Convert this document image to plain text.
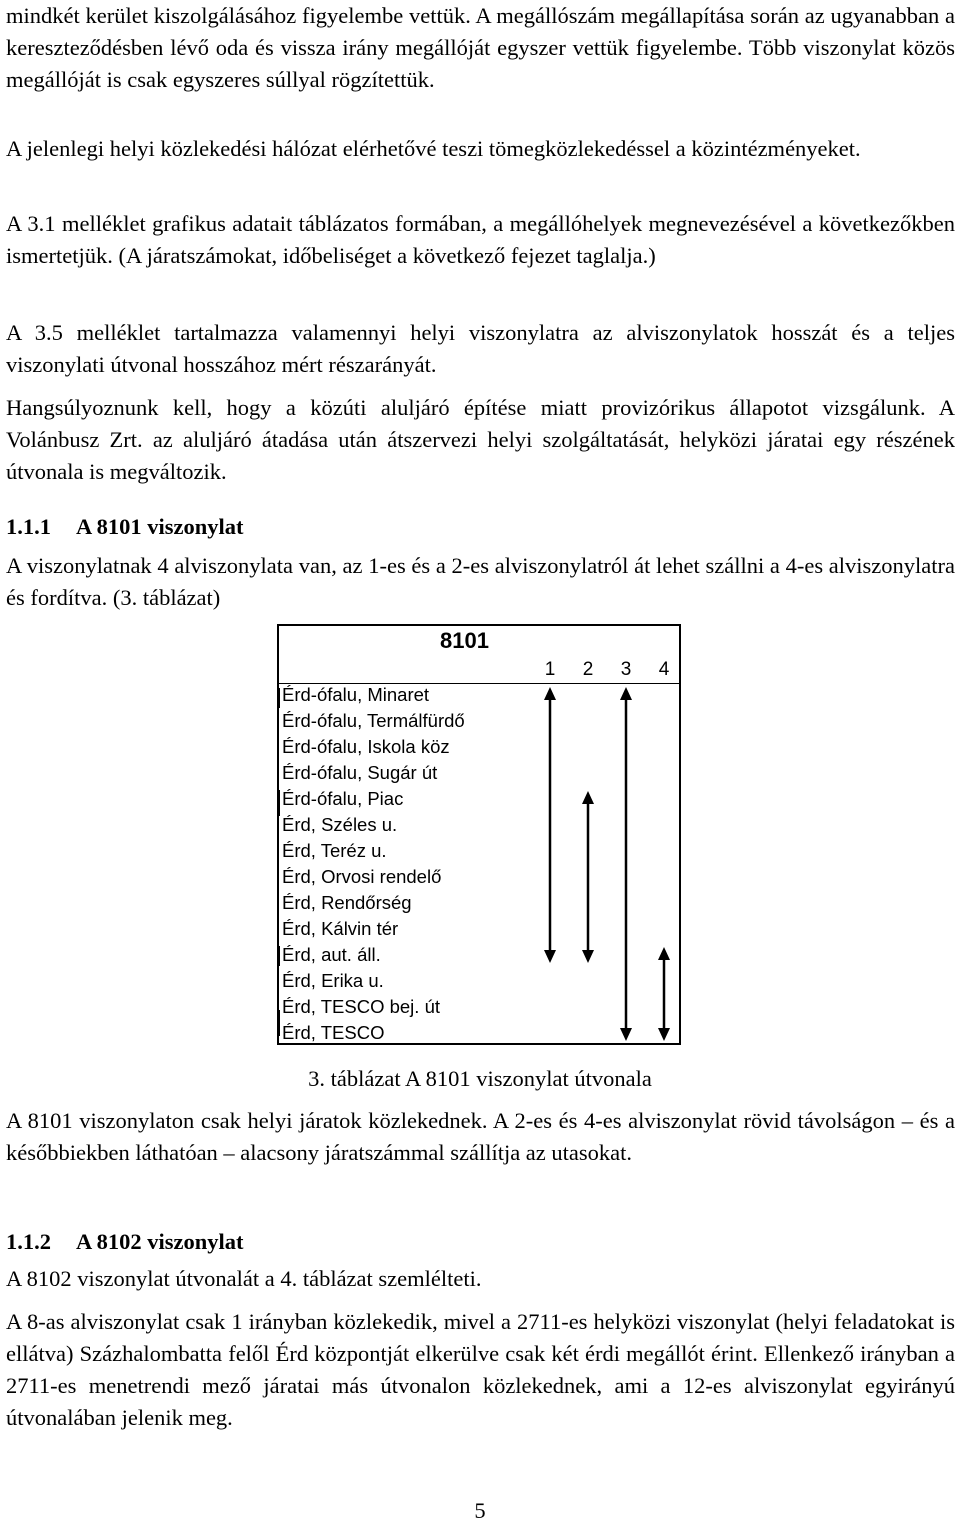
mindkét kerület kiszolgálásához figyelembe vettük. A megállószám megállapítása során az ugyanabban a kereszteződésben lévő oda és vissza irány megállóját egyszer vettük figyelembe. Több viszonylat közös megállóját is csak egyszeres súllyal rögzítettük.

A jelenlegi helyi közlekedési hálózat elérhetővé teszi tömegközlekedéssel a közintézményeket.

A 3.1 melléklet grafikus adatait táblázatos formában, a megállóhelyek megnevezésével a következőkben ismertetjük. (A járatszámokat, időbeliséget a következő fejezet taglalja.)

A 3.5 melléklet tartalmazza valamennyi helyi viszonylatra az alviszonylatok hosszát és a teljes viszonylati útvonal hosszához mért részarányát.

Hangsúlyoznunk kell, hogy a közúti aluljáró építése miatt provizórikus állapotot vizsgálunk. A Volánbusz Zrt. az aluljáró átadása után átszervezi helyi szolgáltatását, helyközi járatai egy részének útvonala is megváltozik.

1.1.1 A 8101 viszonylat

A viszonylatnak 4 alviszonylata van, az 1-es és a 2-es alviszonylatról át lehet szállni a 4-es alviszonylatra és fordítva. (3. táblázat)

8101
1	2	3	4
Érd-ófalu, Minaret
Érd-ófalu, Termálfürdő
Érd-ófalu, Iskola köz
Érd-ófalu, Sugár út
Érd-ófalu, Piac
Érd, Széles u.
Érd, Teréz u.
Érd, Orvosi rendelő
Érd, Rendőrség
Érd, Kálvin tér
Érd, aut. áll.
Érd, Erika u.
Érd, TESCO bej. út
Érd, TESCO
3. táblázat A 8101 viszonylat útvonala

A 8101 viszonylaton csak helyi járatok közlekednek. A 2-es és 4-es alviszonylat rövid távolságon – és a későbbiekben láthatóan – alacsony járatszámmal szállítja az utasokat.

1.1.2 A 8102 viszonylat

A 8102 viszonylat útvonalát a 4. táblázat szemlélteti.

A 8-as alviszonylat csak 1 irányban közlekedik, mivel a 2711-es helyközi viszonylat (helyi feladatokat is ellátva) Százhalombatta felől Érd központját elkerülve csak két érdi megállót érint. Ellenkező irányban a 2711-es menetrendi mező járatai más útvonalon közlekednek, ami a 12-es alviszonylat egyirányú útvonalában jelenik meg.

5
